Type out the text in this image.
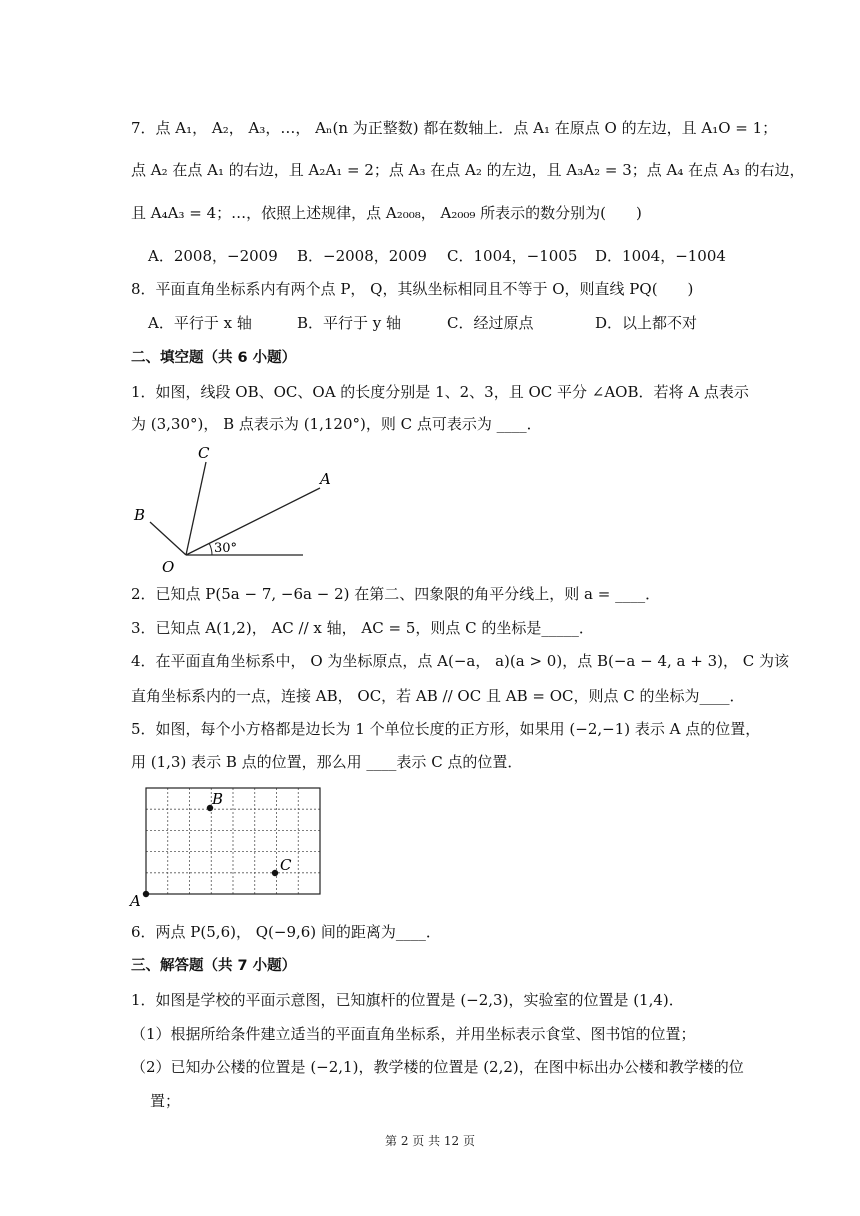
7．点 A₁， A₂， A₃，…， Aₙ(n 为正整数) 都在数轴上．点 A₁ 在原点 O 的左边，且 A₁O = 1；
点 A₂ 在点 A₁ 的右边，且 A₂A₁ = 2；点 A₃ 在点 A₂ 的左边，且 A₃A₂ = 3；点 A₄ 在点 A₃ 的右边，
且 A₄A₃ = 4；…，依照上述规律，点 A₂₀₀₈， A₂₀₀₉ 所表示的数分别为(　　)
A．2008，−2009 B．−2008，2009 C．1004，−1005 D．1004，−1004
8．平面直角坐标系内有两个点 P， Q，其纵坐标相同且不等于 O，则直线 PQ(　　)
A．平行于 x 轴	B．平行于 y 轴	C．经过原点	D．以上都不对
二、填空题（共 6 小题）
1．如图，线段 OB、OC、OA 的长度分别是 1、2、3，且 OC 平分 ∠AOB．若将 A 点表示
为 (3,30°)， B 点表示为 (1,120°)，则 C 点可表示为 ____．
C
A
B
O
30°
2．已知点 P(5a − 7, −6a − 2) 在第二、四象限的角平分线上，则 a = ____．
3．已知点 A(1,2)， AC // x 轴， AC = 5，则点 C 的坐标是_____．
4．在平面直角坐标系中， O 为坐标原点，点 A(−a， a)(a > 0)，点 B(−a − 4, a + 3)， C 为该
直角坐标系内的一点，连接 AB， OC，若 AB // OC 且 AB = OC，则点 C 的坐标为____．
5．如图，每个小方格都是边长为 1 个单位长度的正方形，如果用 (−2,−1) 表示 A 点的位置，
用 (1,3) 表示 B 点的位置，那么用 ____表示 C 点的位置．
A
B
C
6．两点 P(5,6)， Q(−9,6) 间的距离为____．
三、解答题（共 7 小题）
1．如图是学校的平面示意图，已知旗杆的位置是 (−2,3)，实验室的位置是 (1,4)．
（1）根据所给条件建立适当的平面直角坐标系，并用坐标表示食堂、图书馆的位置；
（2）已知办公楼的位置是 (−2,1)，教学楼的位置是 (2,2)，在图中标出办公楼和教学楼的位
置；
第 2 页 共 12 页
